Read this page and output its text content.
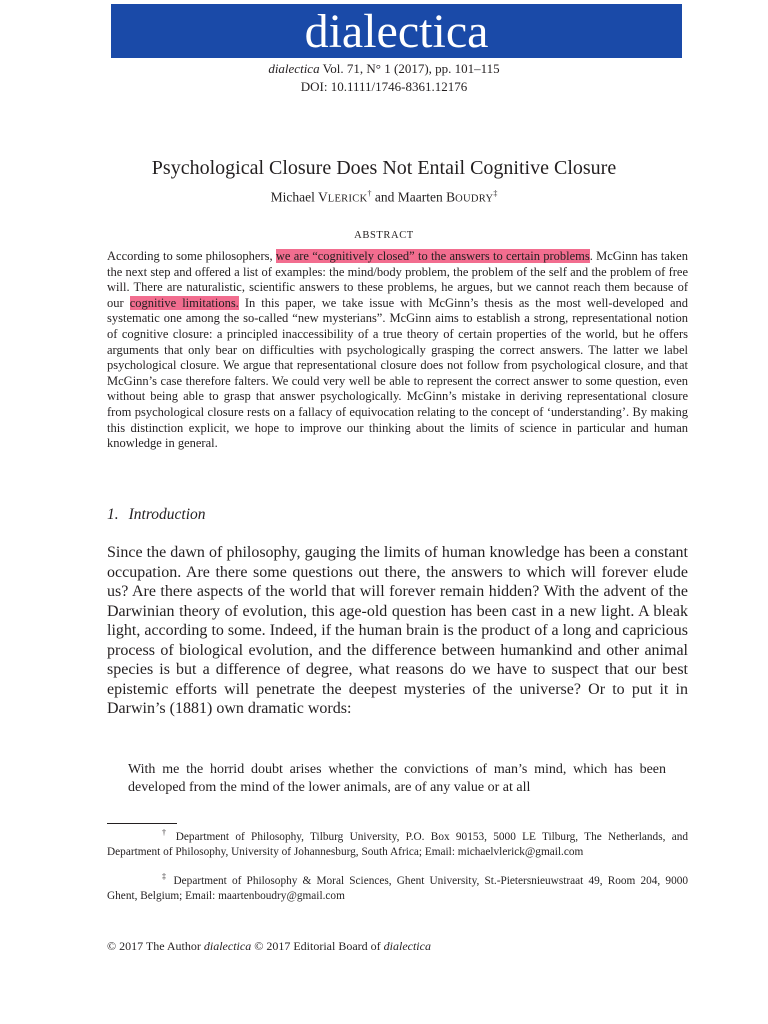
dialectica
dialectica Vol. 71, N° 1 (2017), pp. 101–115
DOI: 10.1111/1746-8361.12176
Psychological Closure Does Not Entail Cognitive Closure
Michael VLERICK† and Maarten BOUDRY‡
ABSTRACT

According to some philosophers, we are “cognitively closed” to the answers to certain problems. McGinn has taken the next step and offered a list of examples: the mind/body problem, the problem of the self and the problem of free will. There are naturalistic, scientific answers to these problems, he argues, but we cannot reach them because of our cognitive limitations. In this paper, we take issue with McGinn’s thesis as the most well-developed and systematic one among the so-called “new mysterians”. McGinn aims to establish a strong, representational notion of cognitive closure: a principled inaccessibility of a true theory of certain properties of the world, but he offers arguments that only bear on difficulties with psychologically grasping the correct answers. The latter we label psychological closure. We argue that representational closure does not follow from psychological closure, and that McGinn’s case therefore falters. We could very well be able to represent the correct answer to some question, even without being able to grasp that answer psychologically. McGinn’s mistake in deriving representational closure from psychological closure rests on a fallacy of equivocation relating to the concept of ‘understanding’. By making this distinction explicit, we hope to improve our thinking about the limits of science in particular and human knowledge in general.

1. Introduction

Since the dawn of philosophy, gauging the limits of human knowledge has been a constant occupation. Are there some questions out there, the answers to which will forever elude us? Are there aspects of the world that will forever remain hidden? With the advent of the Darwinian theory of evolution, this age-old question has been cast in a new light. A bleak light, according to some. Indeed, if the human brain is the product of a long and capricious process of biological evolution, and the difference between humankind and other animal species is but a difference of degree, what reasons do we have to suspect that our best epistemic efforts will penetrate the deepest mysteries of the universe? Or to put it in Darwin’s (1881) own dramatic words:

With me the horrid doubt arises whether the convictions of man’s mind, which has been developed from the mind of the lower animals, are of any value or at all

† Department of Philosophy, Tilburg University, P.O. Box 90153, 5000 LE Tilburg, The Netherlands, and Department of Philosophy, University of Johannesburg, South Africa; Email: michaelvlerick@gmail.com

‡ Department of Philosophy & Moral Sciences, Ghent University, St.-Pietersnieuwstraat 49, Room 204, 9000 Ghent, Belgium; Email: maartenboudry@gmail.com

© 2017 The Author dialectica © 2017 Editorial Board of dialectica
